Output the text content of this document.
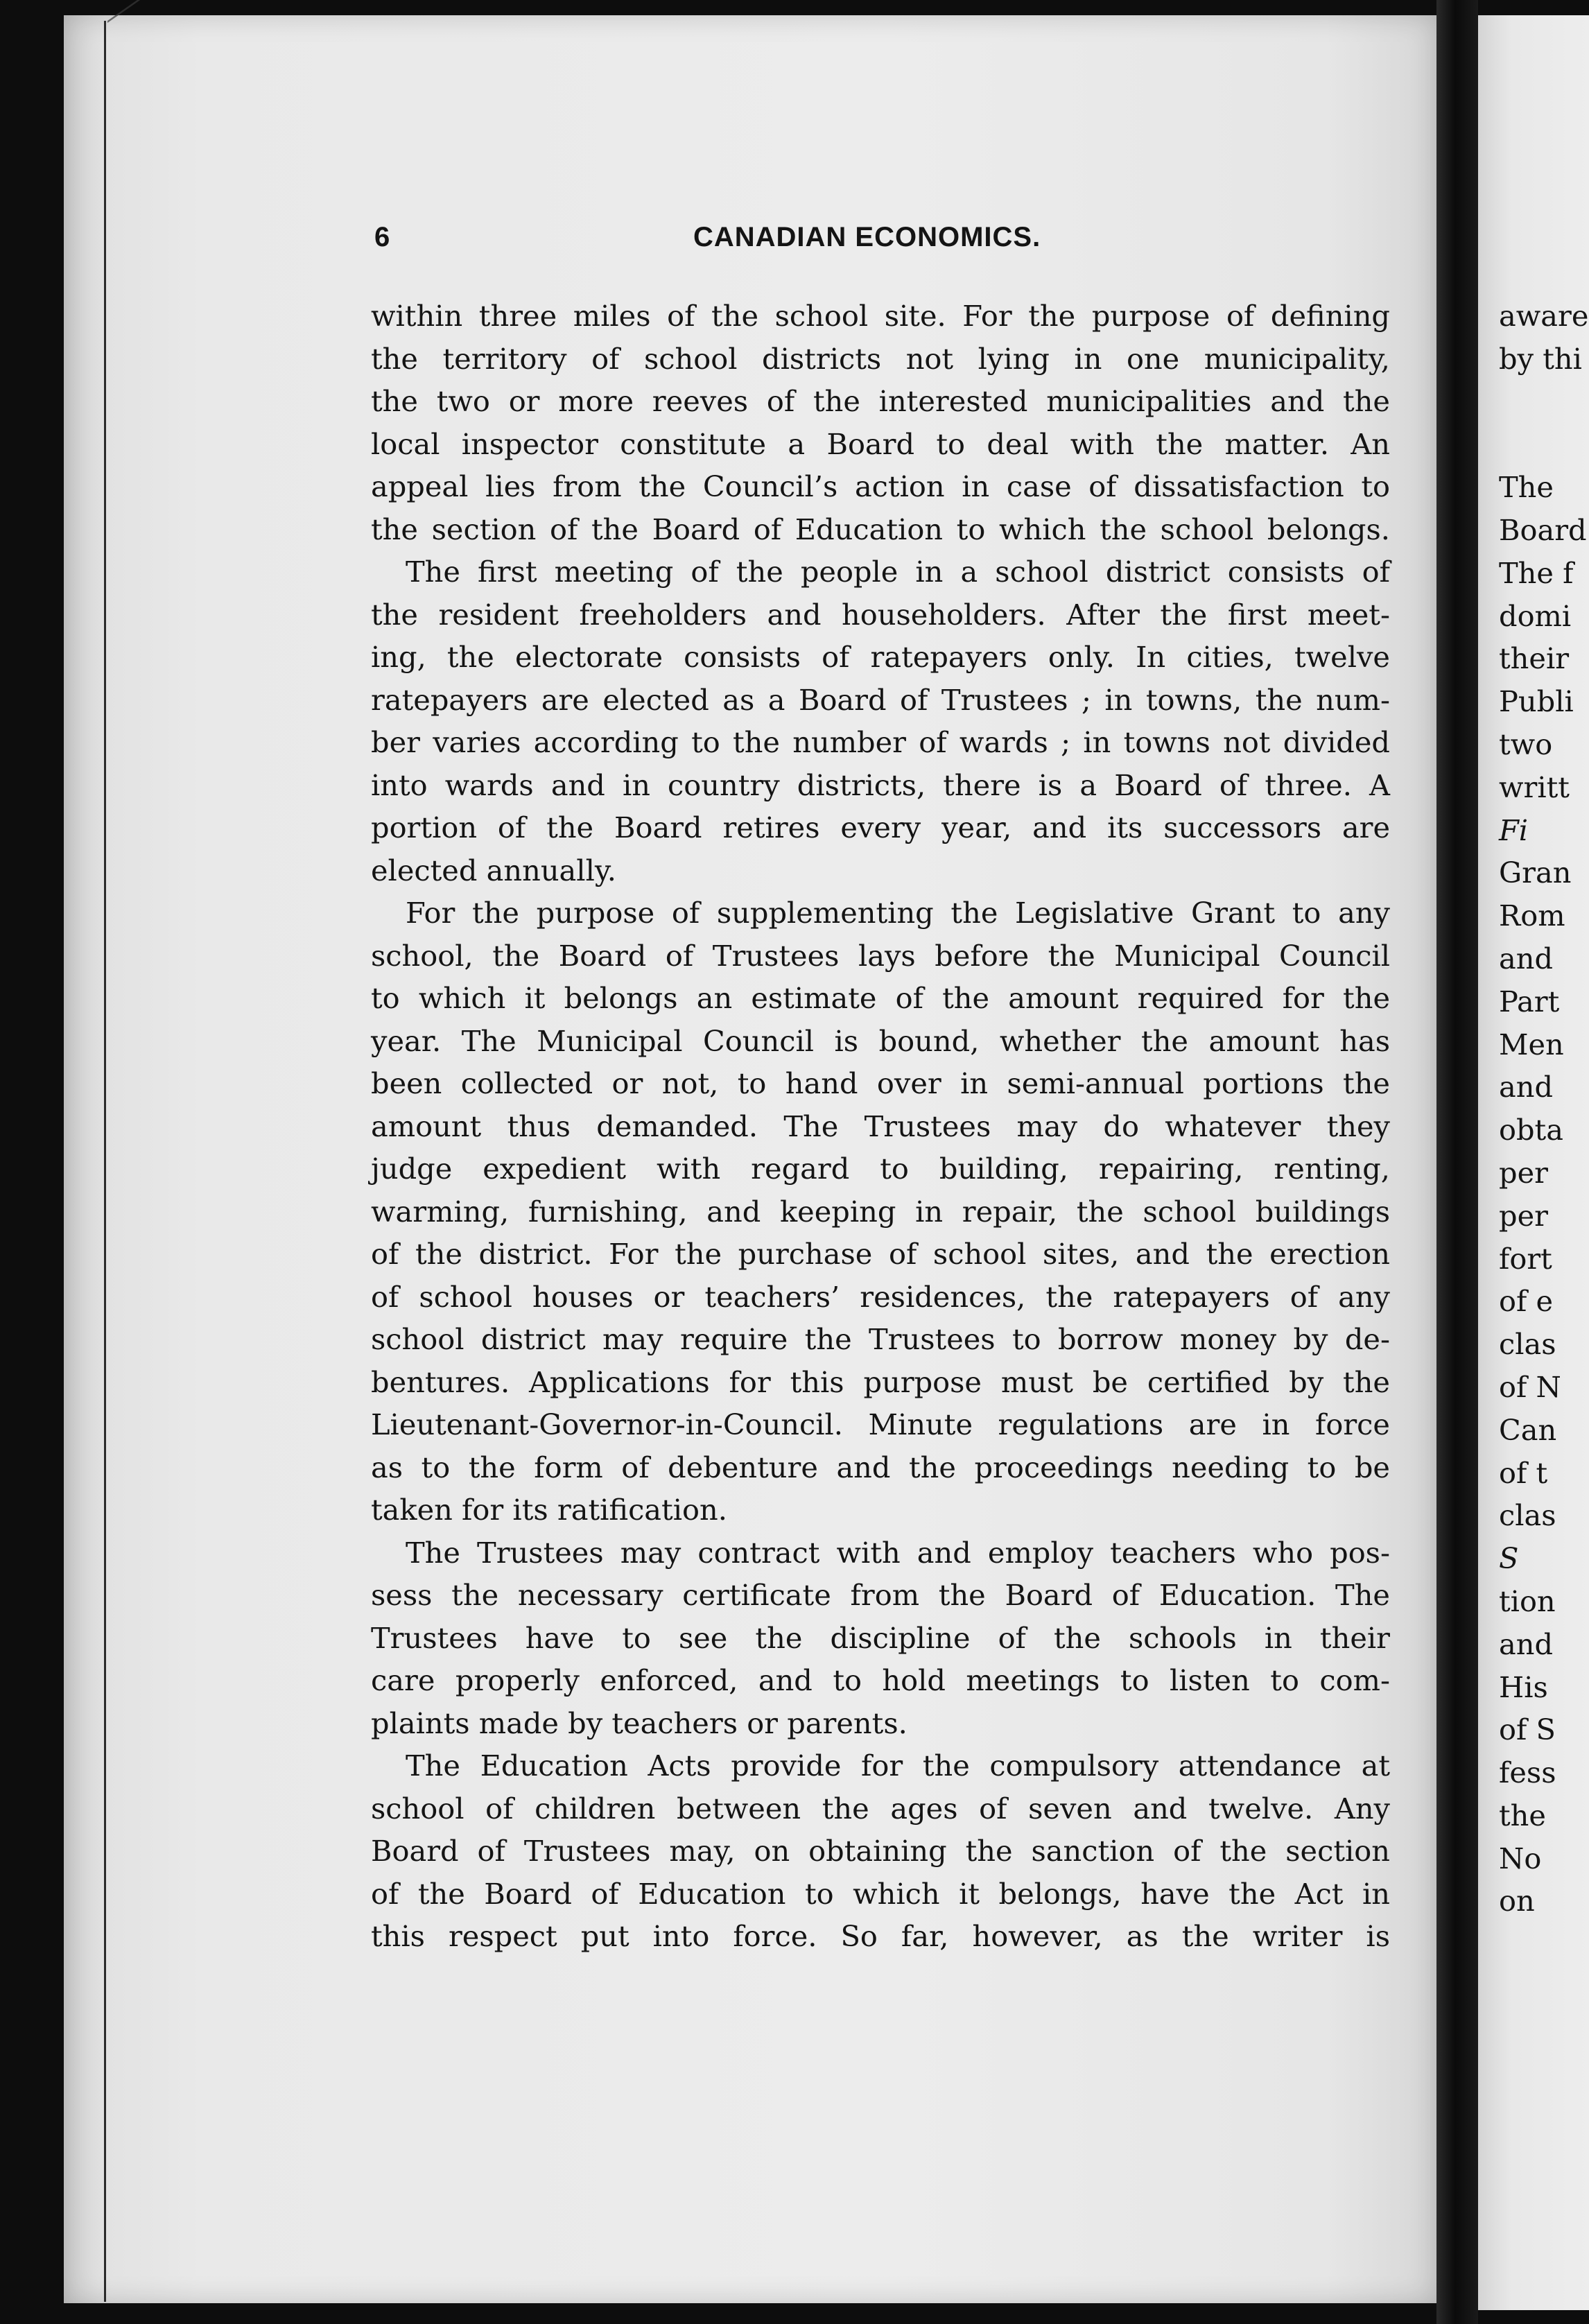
6	CANADIAN ECONOMICS.

within three miles of the school site. For the purpose of defining
the territory of school districts not lying in one municipality,
the two or more reeves of the interested municipalities and the
local inspector constitute a Board to deal with the matter. An
appeal lies from the Council’s action in case of dissatisfaction to
the section of the Board of Education to which the school belongs.

The first meeting of the people in a school district consists of
the resident freeholders and householders. After the first meet-
ing, the electorate consists of ratepayers only. In cities, twelve
ratepayers are elected as a Board of Trustees ; in towns, the num-
ber varies according to the number of wards ; in towns not divided
into wards and in country districts, there is a Board of three. A
portion of the Board retires every year, and its successors are
elected annually.

For the purpose of supplementing the Legislative Grant to any
school, the Board of Trustees lays before the Municipal Council
to which it belongs an estimate of the amount required for the
year. The Municipal Council is bound, whether the amount has
been collected or not, to hand over in semi-annual portions the
amount thus demanded. The Trustees may do whatever they
judge expedient with regard to building, repairing, renting,
warming, furnishing, and keeping in repair, the school buildings
of the district. For the purchase of school sites, and the erection
of school houses or teachers’ residences, the ratepayers of any
school district may require the Trustees to borrow money by de-
bentures. Applications for this purpose must be certified by the
Lieutenant-Governor-in-Council. Minute regulations are in force
as to the form of debenture and the proceedings needing to be
taken for its ratification.

The Trustees may contract with and employ teachers who pos-
sess the necessary certificate from the Board of Education. The
Trustees have to see the discipline of the schools in their
care properly enforced, and to hold meetings to listen to com-
plaints made by teachers or parents.

The Education Acts provide for the compulsory attendance at
school of children between the ages of seven and twelve. Any
Board of Trustees may, on obtaining the sanction of the section
of the Board of Education to which it belongs, have the Act in
this respect put into force. So far, however, as the writer is

aware
by thi
The
Board
The f
domi
their
Publi
two
writt
Fi
Gran
Rom
and
Part
Men
and
obta
per
per
fort
of e
clas
of N
Can
of t
clas
S
tion
and
His
of S
fess
the
No
on
